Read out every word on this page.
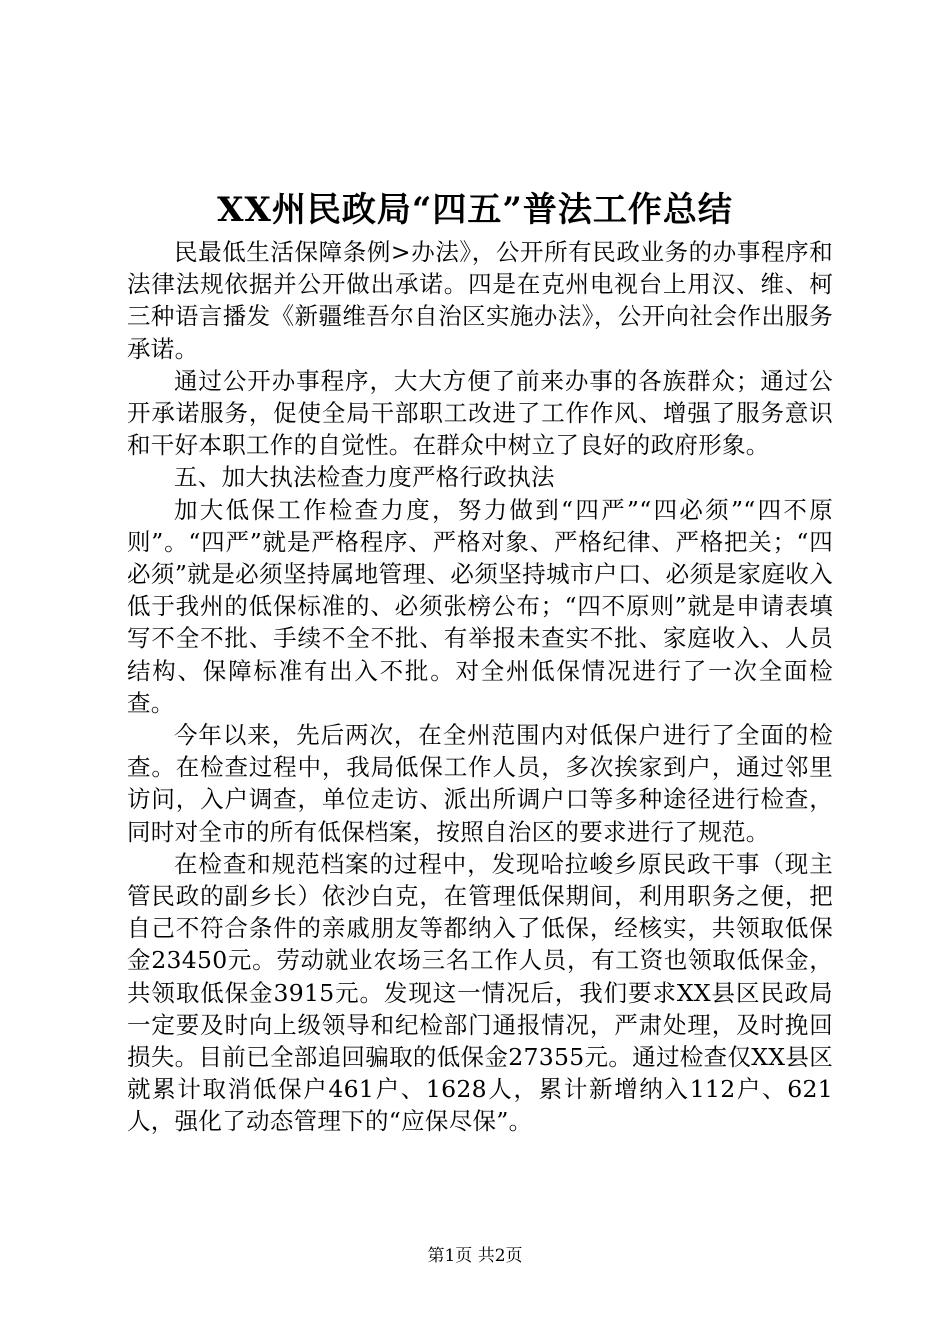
XX州民政局“四五”普法工作总结

民最低生活保障条例>办法》，公开所有民政业务的办事程序和法律法规依据并公开做出承诺。四是在克州电视台上用汉、维、柯三种语言播发《新疆维吾尔自治区实施办法》，公开向社会作出服务承诺。

通过公开办事程序，大大方便了前来办事的各族群众；通过公开承诺服务，促使全局干部职工改进了工作作风、增强了服务意识和干好本职工作的自觉性。在群众中树立了良好的政府形象。

五、加大执法检查力度严格行政执法

加大低保工作检查力度，努力做到“四严”“四必须”“四不原则”。“四严”就是严格程序、严格对象、严格纪律、严格把关；“四必须”就是必须坚持属地管理、必须坚持城市户口、必须是家庭收入低于我州的低保标准的、必须张榜公布；“四不原则”就是申请表填写不全不批、手续不全不批、有举报未查实不批、家庭收入、人员结构、保障标准有出入不批。对全州低保情况进行了一次全面检查。

今年以来，先后两次，在全州范围内对低保户进行了全面的检查。在检查过程中，我局低保工作人员，多次挨家到户，通过邻里访问，入户调查，单位走访、派出所调户口等多种途径进行检查，同时对全市的所有低保档案，按照自治区的要求进行了规范。

在检查和规范档案的过程中，发现哈拉峻乡原民政干事（现主管民政的副乡长）依沙白克，在管理低保期间，利用职务之便，把自己不符合条件的亲戚朋友等都纳入了低保，经核实，共领取低保金23450元。劳动就业农场三名工作人员，有工资也领取低保金，共领取低保金3915元。发现这一情况后，我们要求XX县区民政局一定要及时向上级领导和纪检部门通报情况，严肃处理，及时挽回损失。目前已全部追回骗取的低保金27355元。通过检查仅XX县区就累计取消低保户461户、1628人，累计新增纳入112户、621人，强化了动态管理下的“应保尽保”。

第1页 共2页
